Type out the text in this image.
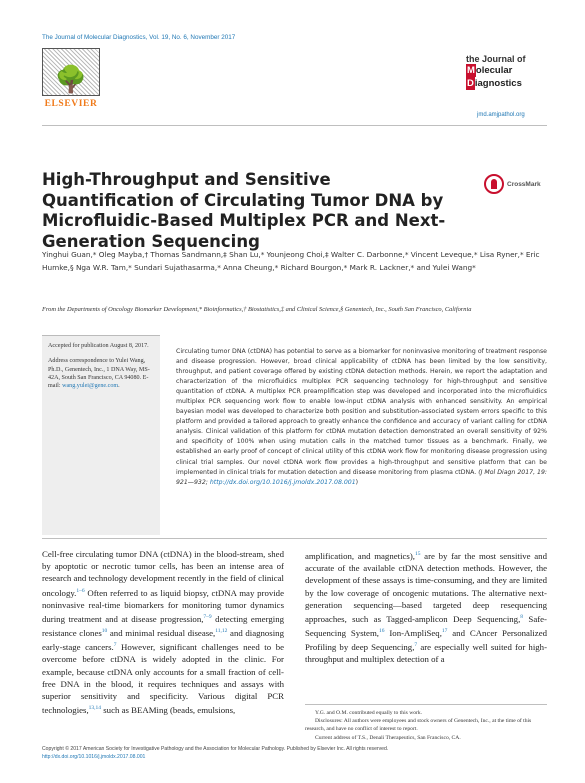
The Journal of Molecular Diagnostics, Vol. 19, No. 6, November 2017
🌳
ELSEVIER
the Journal of
Molecular
Diagnostics
jmd.amjpathol.org
High-Throughput and Sensitive Quantification of Circulating Tumor DNA by Microfluidic-Based Multiplex PCR and Next-Generation Sequencing
CrossMark
Yinghui Guan,* Oleg Mayba,† Thomas Sandmann,‡ Shan Lu,* Younjeong Choi,‡ Walter C. Darbonne,* Vincent Leveque,* Lisa Ryner,* Eric Humke,§ Nga W.R. Tam,* Sundari Sujathasarma,* Anna Cheung,* Richard Bourgon,* Mark R. Lackner,* and Yulei Wang*
From the Departments of Oncology Biomarker Development,* Bioinformatics,† Biostatistics,‡ and Clinical Science,§ Genentech, Inc., South San Francisco, California

Accepted for publication August 8, 2017.

Address correspondence to Yulei Wang, Ph.D., Genentech, Inc., 1 DNA Way, MS-42A, South San Francisco, CA 94080. E-mail: wang.yulei@gene.com.

Circulating tumor DNA (ctDNA) has potential to serve as a biomarker for noninvasive monitoring of treatment response and disease progression. However, broad clinical applicability of ctDNA has been limited by the low sensitivity, throughput, and patient coverage offered by existing ctDNA detection methods. Herein, we report the adaptation and characterization of the microfluidics multiplex PCR sequencing technology for high-throughput and sensitive quantitation of ctDNA. A multiplex PCR preamplification step was developed and incorporated into the microfluidics multiplex PCR sequencing work flow to enable low-input ctDNA analysis with enhanced sensitivity. An empirical bayesian model was developed to characterize both position and substitution-associated system errors specific to this platform and provided a tailored approach to greatly enhance the confidence and accuracy of variant calling for ctDNA analysis. Clinical validation of this platform for ctDNA mutation detection demonstrated an overall sensitivity of 92% and specificity of 100% when using mutation calls in the matched tumor tissues as a benchmark. Finally, we established an early proof of concept of clinical utility of this ctDNA work flow for monitoring disease progression using clinical trial samples. Our novel ctDNA work flow provides a high-throughput and sensitive platform that can be implemented in clinical trials for mutation detection and disease monitoring from plasma ctDNA. (J Mol Diagn 2017, 19: 921—932; http://dx.doi.org/10.1016/j.jmoldx.2017.08.001)

Cell-free circulating tumor DNA (ctDNA) in the blood-stream, shed by apoptotic or necrotic tumor cells, has been an intense area of research and technology development recently in the field of clinical oncology.$^{1-6}$ Often referred to as liquid biopsy, ctDNA may provide noninvasive real-time biomarkers for monitoring tumor dynamics during treatment and at disease progression,$^{7-9}$ detecting emerging resistance clones$^{10}$ and minimal residual disease,$^{11,12}$ and diagnosing early-stage cancers.$^7$ However, significant challenges need to be overcome before ctDNA is widely adopted in the clinic. For example, because ctDNA only accounts for a small fraction of cell-free DNA in the blood, it requires techniques and assays with superior sensitivity and specificity. Various digital PCR technologies,$^{13,14}$ such as BEAMing (beads, emulsions,

amplification, and magnetics),$^{15}$ are by far the most sensitive and accurate of the available ctDNA detection methods. However, the development of these assays is time-consuming, and they are limited by the low coverage of oncogenic mutations. The alternative next-generation sequencing—based targeted deep resequencing approaches, such as Tagged-amplicon Deep Sequencing,$^8$ Safe-Sequencing System,$^{16}$ Ion-AmpliSeq,$^{17}$ and CAncer Personalized Profiling by deep Sequencing,$^7$ are especially well suited for high-throughput and multiplex detection of a

Y.G. and O.M. contributed equally to this work.

Disclosures: All authors were employees and stock owners of Genentech, Inc., at the time of this research, and have no conflict of interest to report.

Current address of T.S., Denali Therapeutics, San Francisco, CA.

Copyright © 2017 American Society for Investigative Pathology and the Association for Molecular Pathology. Published by Elsevier Inc. All rights reserved.
http://dx.doi.org/10.1016/j.jmoldx.2017.08.001
